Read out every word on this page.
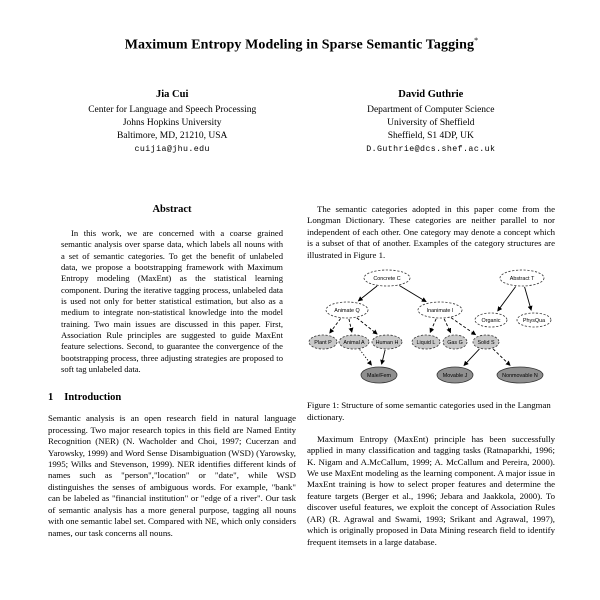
Maximum Entropy Modeling in Sparse Semantic Tagging*
Jia Cui
Center for Language and Speech Processing
Johns Hopkins University
Baltimore, MD, 21210, USA
cuijia@jhu.edu
David Guthrie
Department of Computer Science
University of Sheffield
Sheffield, S1 4DP, UK
D.Guthrie@dcs.shef.ac.uk
Abstract

In this work, we are concerned with a coarse grained semantic analysis over sparse data, which labels all nouns with a set of semantic categories. To get the benefit of unlabeled data, we propose a bootstrapping framework with Maximum Entropy modeling (MaxEnt) as the statistical learning component. During the iterative tagging process, unlabeled data is used not only for better statistical estimation, but also as a medium to integrate non-statistical knowledge into the model training. Two main issues are discussed in this paper. First, Association Rule principles are suggested to guide MaxEnt feature selections. Second, to guarantee the convergence of the bootstrapping process, three adjusting strategies are proposed to soft tag unlabeled data.

1 Introduction

Semantic analysis is an open research field in natural language processing. Two major research topics in this field are Named Entity Recognition (NER) (N. Wacholder and Choi, 1997; Cucerzan and Yarowsky, 1999) and Word Sense Disambiguation (WSD) (Yarowsky, 1995; Wilks and Stevenson, 1999). NER identifies different kinds of names such as "person","location" or "date", while WSD distinguishes the senses of ambiguous words. For example, "bank" can be labeled as "financial institution" or "edge of a river". Our task of semantic analysis has a more general purpose, tagging all nouns with one semantic label set. Compared with NE, which only considers names, our task concerns all nouns.

The semantic categories adopted in this paper come from the Longman Dictionary. These categories are neither parallel to nor independent of each other. One category may denote a concept which is a subset of that of another. Examples of the category structures are illustrated in Figure 1.

Concrete C	Abstract T
Animate Q	Inanimate I
Organic	PhysQua
Plant P Animal A Human H	Liquid L Gas G	Solid S
Male/Fem	Movable J	Nonmovable N

Figure 1: Structure of some semantic categories used in the Langman dictionary.

Maximum Entropy (MaxEnt) principle has been successfully applied in many classification and tagging tasks (Ratnaparkhi, 1996; K. Nigam and A.McCallum, 1999; A. McCallum and Pereira, 2000). We use MaxEnt modeling as the learning component. A major issue in MaxEnt training is how to select proper features and determine the feature targets (Berger et al., 1996; Jebara and Jaakkola, 2000). To discover useful features, we exploit the concept of Association Rules (AR) (R. Agrawal and Swami, 1993; Srikant and Agrawal, 1997), which is originally proposed in Data Mining research field to identify frequent itemsets in a large database.
